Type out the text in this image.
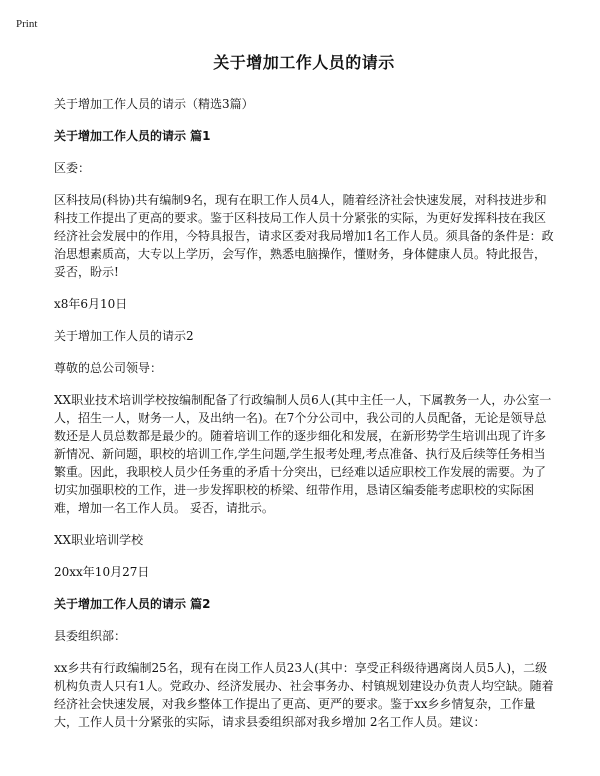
Print
关于增加工作人员的请示
关于增加工作人员的请示（精选3篇）
关于增加工作人员的请示 篇1
区委：
区科技局(科协)共有编制9名，现有在职工作人员4人，随着经济社会快速发展，对科技进步和科技工作提出了更高的要求。鉴于区科技局工作人员十分紧张的实际，为更好发挥科技在我区经济社会发展中的作用，今特具报告，请求区委对我局增加1名工作人员。须具备的条件是：政治思想素质高，大专以上学历，会写作，熟悉电脑操作，懂财务，身体健康人员。特此报告，妥否，盼示!
x8年6月10日
关于增加工作人员的请示2
尊敬的总公司领导：
XX职业技术培训学校按编制配备了行政编制人员6人(其中主任一人，下属教务一人，办公室一人，招生一人，财务一人，及出纳一名)。在7个分公司中，我公司的人员配备，无论是领导总数还是人员总数都是最少的。随着培训工作的逐步细化和发展，在新形势学生培训出现了许多新情况、新问题，职校的培训工作,学生问题,学生报考处理,考点准备、执行及后续等任务相当繁重。因此，我职校人员少任务重的矛盾十分突出，已经难以适应职校工作发展的需要。为了切实加强职校的工作，进一步发挥职校的桥梁、纽带作用，恳请区编委能考虑职校的实际困难，增加一名工作人员。 妥否，请批示。
XX职业培训学校
20xx年10月27日
关于增加工作人员的请示 篇2
县委组织部：
xx乡共有行政编制25名，现有在岗工作人员23人(其中：享受正科级待遇离岗人员5人)，二级机构负责人只有1人。党政办、经济发展办、社会事务办、村镇规划建设办负责人均空缺。随着经济社会快速发展，对我乡整体工作提出了更高、更严的要求。鉴于xx乡乡情复杂，工作量大，工作人员十分紧张的实际，请求县委组织部对我乡增加 2名工作人员。建议：
